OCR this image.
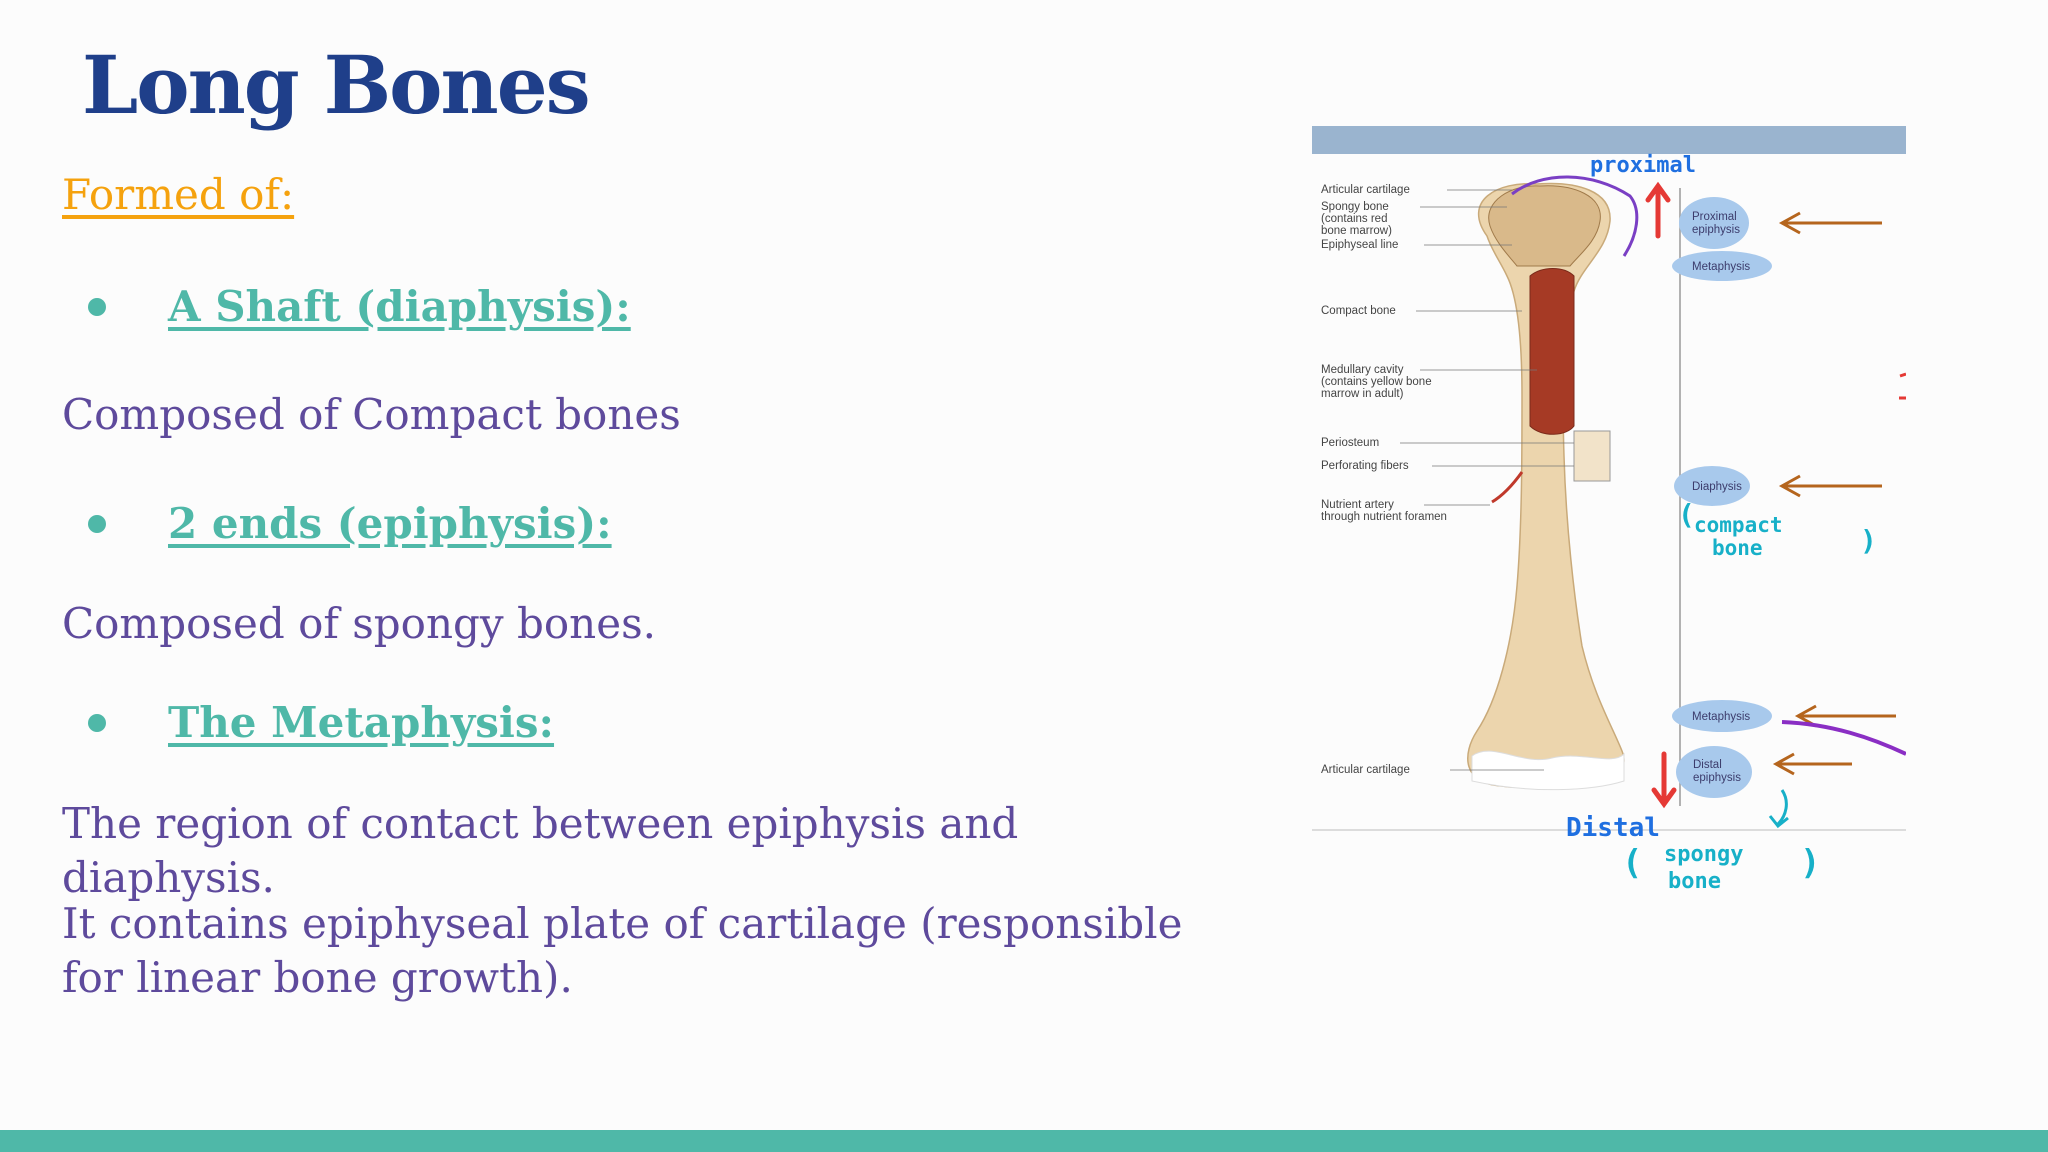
Long Bones
Formed of:
A Shaft (diaphysis):

Composed of Compact bones

2 ends (epiphysis):

Composed of spongy bones.

The Metaphysis:

The region of contact between epiphysis and diaphysis.

It contains epiphyseal plate of cartilage (responsible for linear bone growth).

Articular cartilage
Spongy bone
(contains red
bone marrow)
Epiphyseal line
Compact bone
Medullary cavity
(contains yellow bone
marrow in adult)
Periosteum
Perforating fibers
Nutrient artery
through nutrient foramen
Articular cartilage
Proximal
epiphysis
Metaphysis
Diaphysis
Metaphysis
Distal
epiphysis
proximal
( compact
bone	)
Distal
( spongy
bone )
